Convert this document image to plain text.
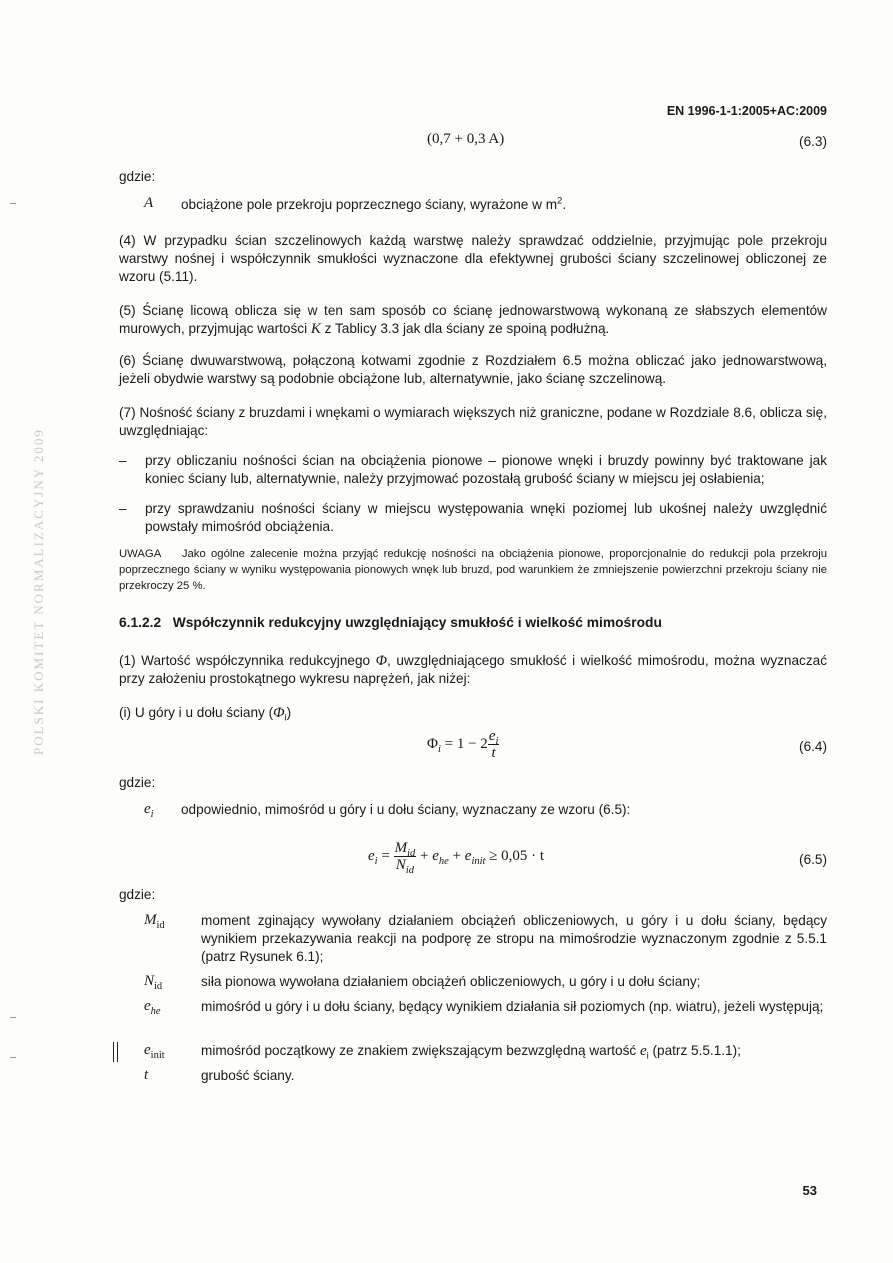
EN 1996-1-1:2005+AC:2009
POLSKI KOMITET NORMALIZACYJNY 2009
(0,7 + 0,3 A)	(6.3)
gdzie:
A obciążone pole przekroju poprzecznego ściany, wyrażone w $m^2$.
(4) W przypadku ścian szczelinowych każdą warstwę należy sprawdzać oddzielnie, przyjmując pole przekroju warstwy nośnej i współczynnik smukłości wyznaczone dla efektywnej grubości ściany szczelinowej obliczonej ze wzoru (5.11).
(5) Ścianę licową oblicza się w ten sam sposób co ścianę jednowarstwową wykonaną ze słabszych elementów murowych, przyjmując wartości K z Tablicy 3.3 jak dla ściany ze spoiną podłużną.
(6) Ścianę dwuwarstwową, połączoną kotwami zgodnie z Rozdziałem 6.5 można obliczać jako jednowarstwową, jeżeli obydwie warstwy są podobnie obciążone lub, alternatywnie, jako ścianę szczelinową.
(7) Nośność ściany z bruzdami i wnękami o wymiarach większych niż graniczne, podane w Rozdziale 8.6, oblicza się, uwzględniając:
– przy obliczaniu nośności ścian na obciążenia pionowe – pionowe wnęki i bruzdy powinny być traktowane jak koniec ściany lub, alternatywnie, należy przyjmować pozostałą grubość ściany w miejscu jej osłabienia;
– przy sprawdzaniu nośności ściany w miejscu występowania wnęki poziomej lub ukośnej należy uwzględnić powstały mimośród obciążenia.
UWAGA    Jako ogólne zalecenie można przyjąć redukcję nośności na obciążenia pionowe, proporcjonalnie do redukcji pola przekroju poprzecznego ściany w wyniku występowania pionowych wnęk lub bruzd, pod warunkiem że zmniejszenie powierzchni przekroju ściany nie przekroczy 25 %.
6.1.2.2 Współczynnik redukcyjny uwzględniający smukłość i wielkość mimośrodu
(1) Wartość współczynnika redukcyjnego Φ, uwzględniającego smukłość i wielkość mimośrodu, można wyznaczać przy założeniu prostokątnego wykresu naprężeń, jak niżej:
(i) U góry i u dołu ściany $(\Phi_i)$
$\Phi_i = 1 - 2 \frac{e_i}{t}$	(6.4)
gdzie:
$e_i$ odpowiednio, mimośród u góry i u dołu ściany, wyznaczany ze wzoru (6.5):
$e_i = \frac{M_{id}}{N_{id}} + e_{he} + e_{init} \ge 0,05 \cdot t$	(6.5)
gdzie:
$M_{id}$	moment zginający wywołany działaniem obciążeń obliczeniowych, u góry i u dołu ściany, będący wynikiem przekazywania reakcji na podporę ze stropu na mimośrodzie wyznaczonym zgodnie z 5.5.1 (patrz Rysunek 6.1);
$N_{id}$	siła pionowa wywołana działaniem obciążeń obliczeniowych, u góry i u dołu ściany;
$e_{he}$	mimośród u góry i u dołu ściany, będący wynikiem działania sił poziomych (np. wiatru), jeżeli występują;
$e_{init}$	mimośród początkowy ze znakiem zwiększającym bezwzględną wartość $e_i$ (patrz 5.5.1.1);
t	grubość ściany.
53
